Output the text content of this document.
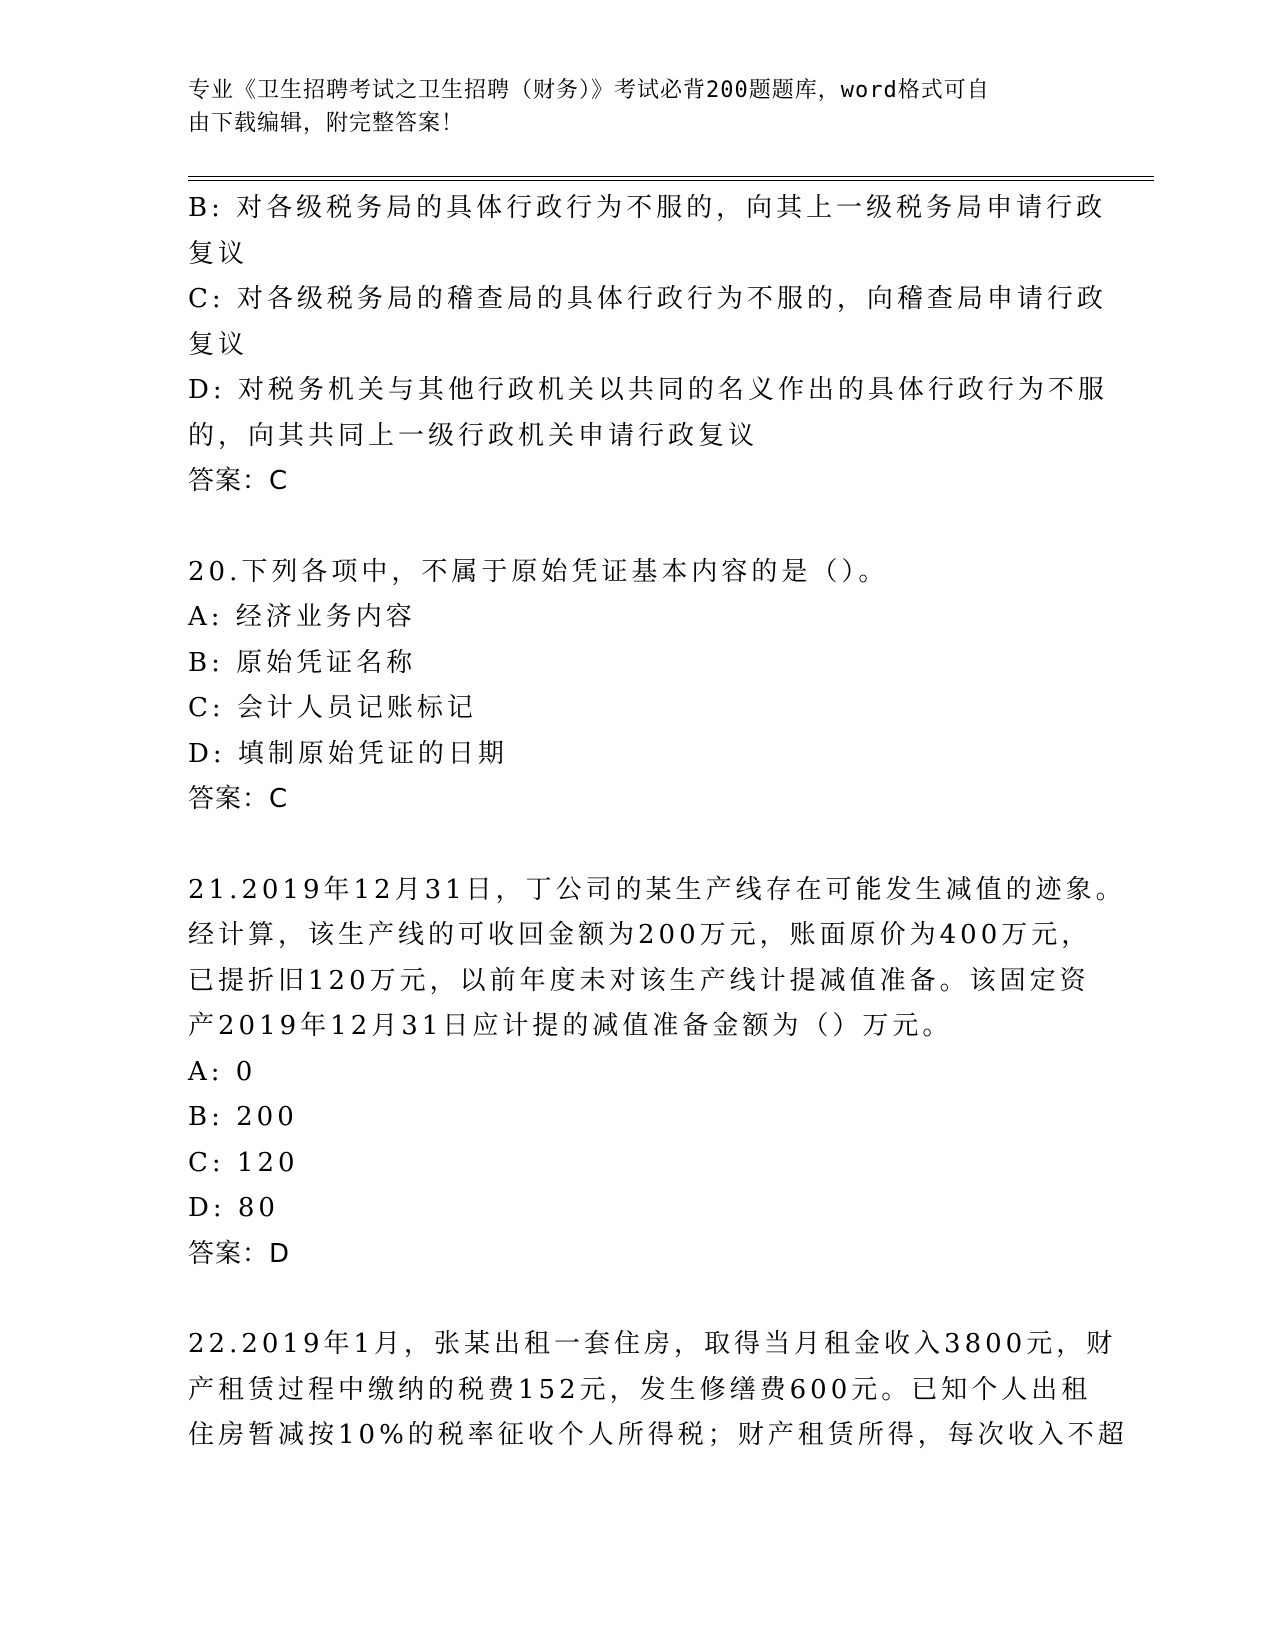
专业《卫生招聘考试之卫生招聘（财务）》考试必背200题题库，word格式可自
由下载编辑，附完整答案！
B: 对各级税务局的具体行政行为不服的，向其上一级税务局申请行政
复议
C: 对各级税务局的稽查局的具体行政行为不服的，向稽查局申请行政
复议
D: 对税务机关与其他行政机关以共同的名义作出的具体行政行为不服
的，向其共同上一级行政机关申请行政复议
答案：C
20.下列各项中，不属于原始凭证基本内容的是（）。
A: 经济业务内容
B: 原始凭证名称
C: 会计人员记账标记
D: 填制原始凭证的日期
答案：C
21.2019年12月31日，丁公司的某生产线存在可能发生减值的迹象。
经计算，该生产线的可收回金额为200万元，账面原价为400万元，
已提折旧120万元，以前年度未对该生产线计提减值准备。该固定资
产2019年12月31日应计提的减值准备金额为（）万元。
A: 0
B: 200
C: 120
D: 80
答案：D
22.2019年1月，张某出租一套住房，取得当月租金收入3800元，财
产租赁过程中缴纳的税费152元，发生修缮费600元。已知个人出租
住房暂减按10%的税率征收个人所得税；财产租赁所得，每次收入不超
